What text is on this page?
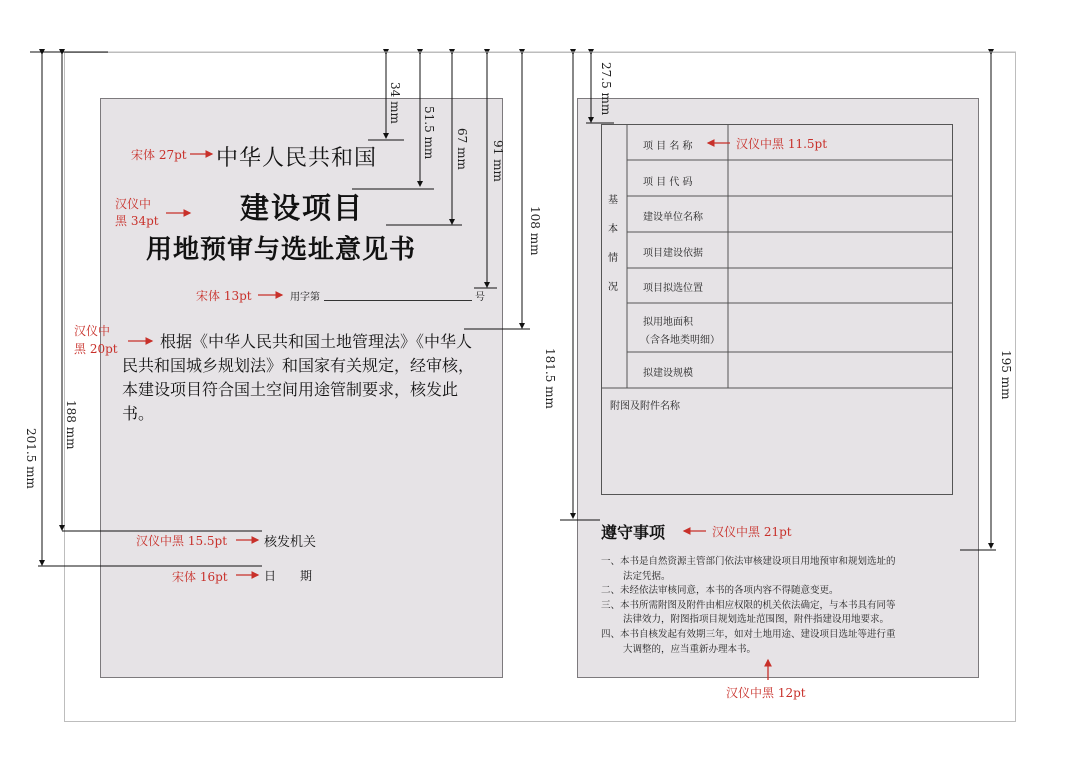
中华人民共和国
建设项目
用地预审与选址意见书
用字第	号
根据《中华人民共和国土地管理法》《中华人民共和国城乡规划法》和国家有关规定，经审核，本建设项目符合国土空间用途管制要求，核发此书。
核发机关
日　　期
宋体 27pt
汉仪中黑 34pt
宋体 13pt
汉仪中黑 20pt
汉仪中黑 15.5pt
宋体 16pt
34 mm
51.5 mm 67 mm 91 mm
108 mm
188 mm
201.5 mm
基本情况
项 目 名 称
项 目 代 码
建设单位名称
项目建设依据
项目拟选位置
拟用地面积
（含各地类明细）
拟建设规模
附图及附件名称
遵守事项

一、本书是自然资源主管部门依法审核建设项目用地预审和规划选址的

法定凭据。

二、未经依法审核同意，本书的各项内容不得随意变更。

三、本书所需附图及附件由相应权限的机关依法确定，与本书具有同等

法律效力，附图指项目规划选址范围图，附件指建设用地要求。

四、本书自核发起有效期三年，如对土地用途、建设项目选址等进行重

大调整的，应当重新办理本书。

汉仪中黑 11.5pt
汉仪中黑 21pt
汉仪中黑 12pt
27.5 mm
181.5 mm	195 mm
